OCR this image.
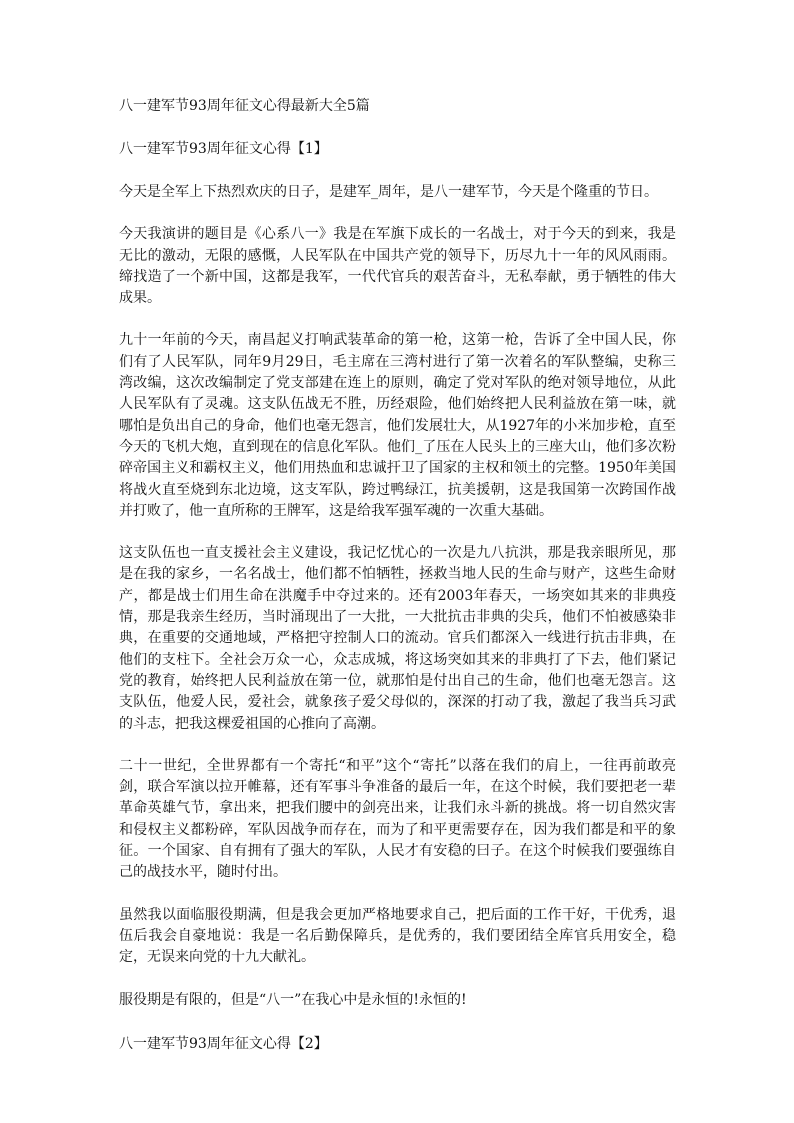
八一建军节93周年征文心得最新大全5篇

八一建军节93周年征文心得【1】

今天是全军上下热烈欢庆的日子，是建军_周年，是八一建军节，今天是个隆重的节日。

今天我演讲的题目是《心系八一》我是在军旗下成长的一名战士，对于今天的到来，我是无比的激动，无限的感慨，人民军队在中国共产党的领导下，历尽九十一年的风风雨雨。缔找造了一个新中国，这都是我军，一代代官兵的艰苦奋斗，无私奉献，勇于牺牲的伟大成果。

九十一年前的今天，南昌起义打响武装革命的第一枪，这第一枪，告诉了全中国人民，你们有了人民军队，同年9月29日，毛主席在三湾村进行了第一次着名的军队整编，史称三湾改编，这次改编制定了党支部建在连上的原则，确定了党对军队的绝对领导地位，从此人民军队有了灵魂。这支队伍战无不胜，历经艰险，他们始终把人民利益放在第一味，就哪怕是负出自己的身命，他们也毫无怨言，他们发展壮大，从1927年的小米加步枪，直至今天的飞机大炮，直到现在的信息化军队。他们_了压在人民头上的三座大山，他们多次粉碎帝国主义和霸权主义，他们用热血和忠诚扞卫了国家的主权和领土的完整。1950年美国将战火直至烧到东北边境，这支军队，跨过鸭绿江，抗美援朝，这是我国第一次跨国作战并打败了，他一直所称的王牌军，这是给我军强军魂的一次重大基础。

这支队伍也一直支援社会主义建设，我记忆忧心的一次是九八抗洪，那是我亲眼所见，那是在我的家乡，一名名战士，他们都不怕牺牲，拯救当地人民的生命与财产，这些生命财产，都是战士们用生命在洪魔手中夺过来的。还有2003年春天，一场突如其来的非典疫情，那是我亲生经历，当时涌现出了一大批，一大批抗击非典的尖兵，他们不怕被感染非典，在重要的交通地域，严格把守控制人口的流动。官兵们都深入一线进行抗击非典，在他们的支柱下。全社会万众一心，众志成城，将这场突如其来的非典打了下去，他们紧记党的教育，始终把人民利益放在第一位，就那怕是付出自己的生命，他们也毫无怨言。这支队伍，他爱人民，爱社会，就象孩子爱父母似的，深深的打动了我，激起了我当兵习武的斗志，把我这棵爱祖国的心推向了高潮。

二十一世纪，全世界都有一个寄托“和平”这个“寄托”以落在我们的肩上，一往再前敢亮剑，联合军演以拉开帷幕，还有军事斗争准备的最后一年，在这个时候，我们要把老一辈革命英雄气节，拿出来，把我们腰中的剑亮出来，让我们永斗新的挑战。将一切自然灾害和侵权主义都粉碎，军队因战争而存在，而为了和平更需要存在，因为我们都是和平的象征。一个国家、自有拥有了强大的军队，人民才有安稳的曰子。在这个时候我们要强练自己的战技水平，随时付出。

虽然我以面临服役期满，但是我会更加严格地要求自己，把后面的工作干好，干优秀，退伍后我会自豪地说：我是一名后勤保障兵，是优秀的，我们要团结全库官兵用安全，稳定，无误来向党的十九大献礼。

服役期是有限的，但是“八一”在我心中是永恒的!永恒的!

八一建军节93周年征文心得【2】
